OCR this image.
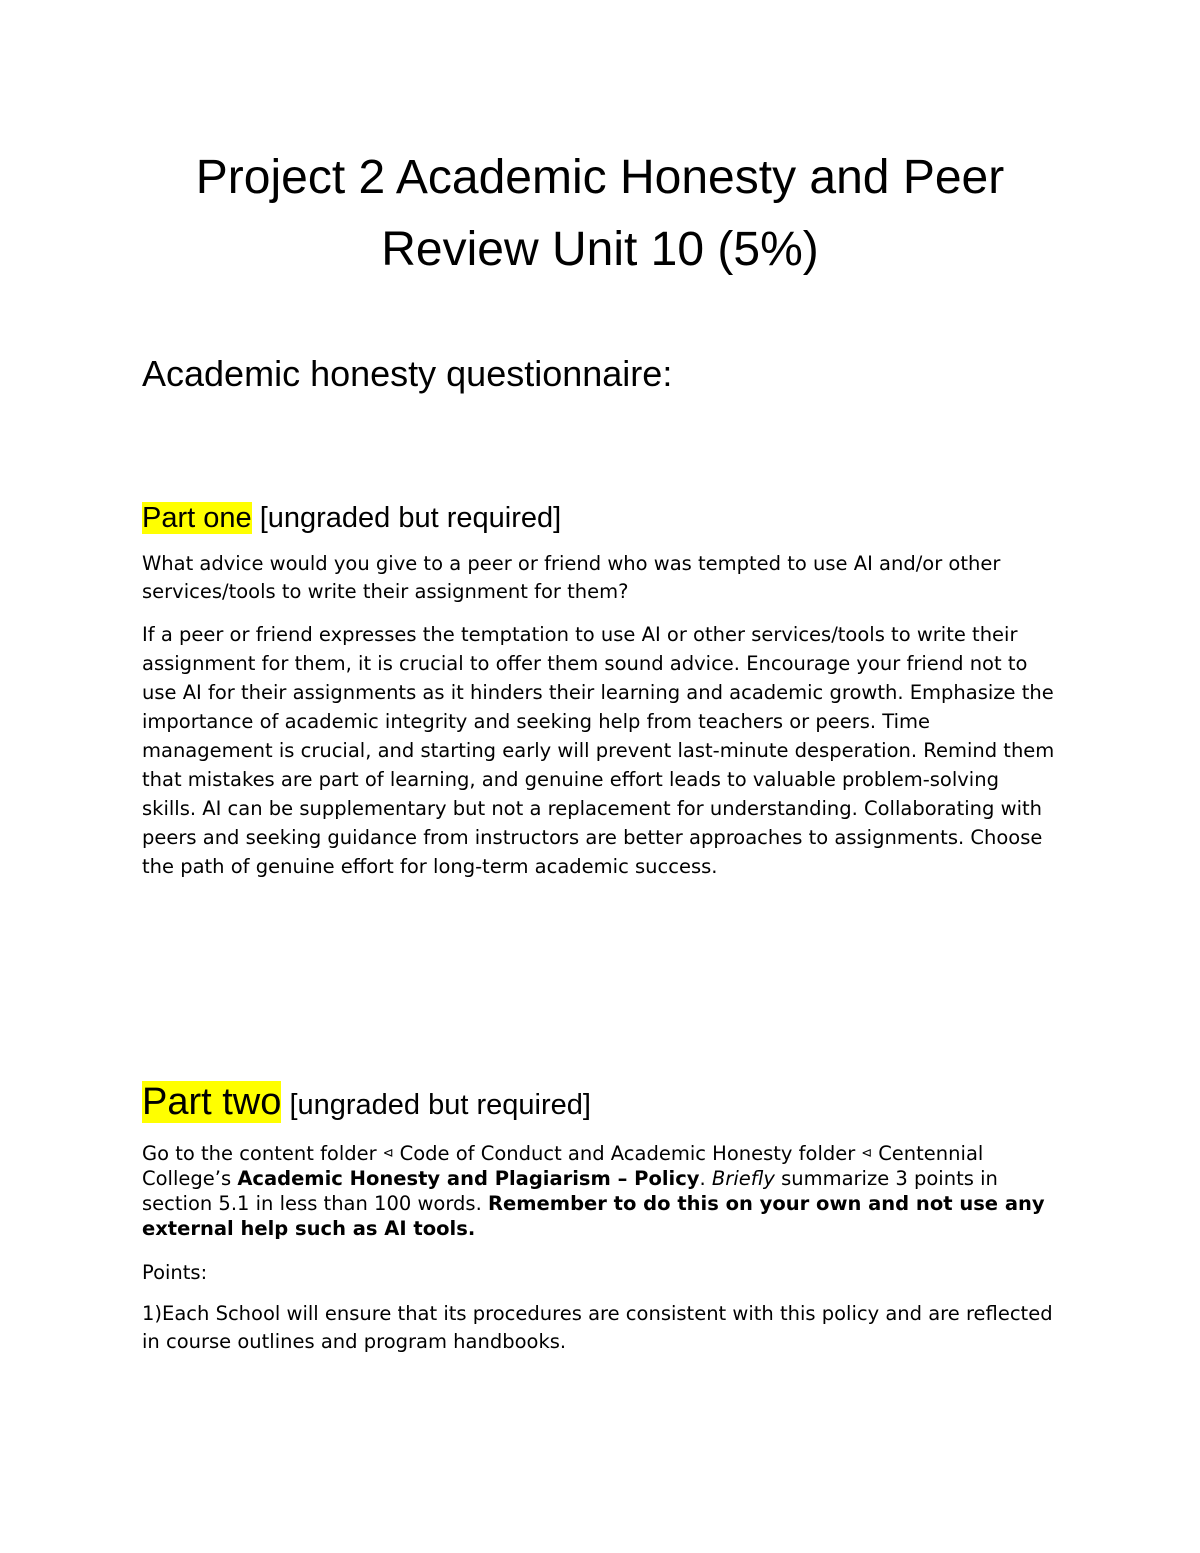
Project 2 Academic Honesty and Peer
Review Unit 10 (5%)
Academic honesty questionnaire:
Part one [ungraded but required]

What advice would you give to a peer or friend who was tempted to use AI and/or other services/tools to write their assignment for them?

If a peer or friend expresses the temptation to use AI or other services/tools to write their assignment for them, it is crucial to offer them sound advice. Encourage your friend not to use AI for their assignments as it hinders their learning and academic growth. Emphasize the importance of academic integrity and seeking help from teachers or peers. Time management is crucial, and starting early will prevent last-minute desperation. Remind them that mistakes are part of learning, and genuine effort leads to valuable problem-solving skills. AI can be supplementary but not a replacement for understanding. Collaborating with peers and seeking guidance from instructors are better approaches to assignments. Choose the path of genuine effort for long-term academic success.

Part two [ungraded but required]

Go to the content folder ⊲ Code of Conduct and Academic Honesty folder ⊲ Centennial College’s Academic Honesty and Plagiarism – Policy. Briefly summarize 3 points in section 5.1 in less than 100 words. Remember to do this on your own and not use any external help such as AI tools.

Points:

1)Each School will ensure that its procedures are consistent with this policy and are reflected in course outlines and program handbooks.
